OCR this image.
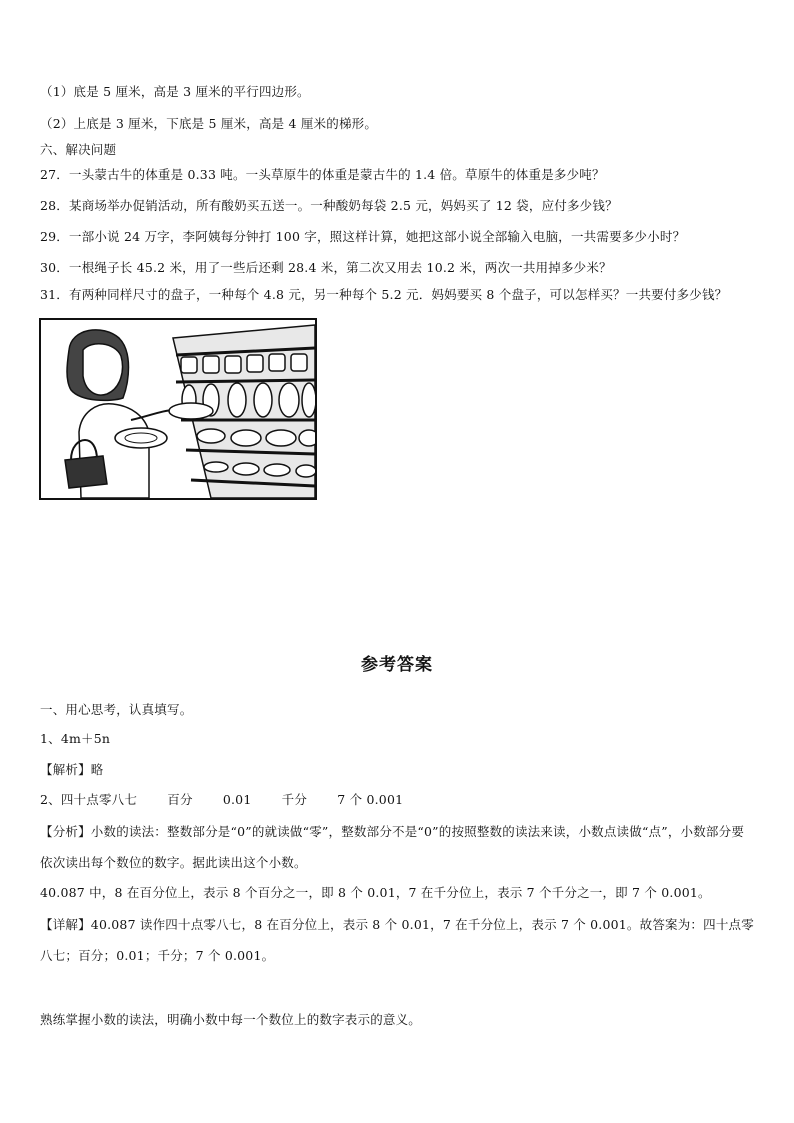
（1）底是 5 厘米，高是 3 厘米的平行四边形。
（2）上底是 3 厘米，下底是 5 厘米，高是 4 厘米的梯形。
六、解决问题
27．一头蒙古牛的体重是 0.33 吨。一头草原牛的体重是蒙古牛的 1.4 倍。草原牛的体重是多少吨？
28．某商场举办促销活动，所有酸奶买五送一。一种酸奶每袋 2.5 元，妈妈买了 12 袋，应付多少钱？
29．一部小说 24 万字，李阿姨每分钟打 100 字，照这样计算，她把这部小说全部输入电脑，一共需要多少小时？
30．一根绳子长 45.2 米，用了一些后还剩 28.4 米，第二次又用去 10.2 米，两次一共用掉多少米？
31．有两种同样尺寸的盘子，一种每个 4.8 元，另一种每个 5.2 元．妈妈要买 8 个盘子，可以怎样买？一共要付多少钱？
参考答案
一、用心思考，认真填写。
1、4m＋5n
【解析】略
2、四十点零八七 百分 0.01 千分 7 个 0.001
【分析】小数的读法：整数部分是“0”的就读做“零”，整数部分不是“0”的按照整数的读法来读，小数点读做“点”，小数部分要依次读出每个数位的数字。据此读出这个小数。
40.087 中，8 在百分位上，表示 8 个百分之一，即 8 个 0.01，7 在千分位上，表示 7 个千分之一，即 7 个 0.001。
【详解】40.087 读作四十点零八七，8 在百分位上，表示 8 个 0.01，7 在千分位上，表示 7 个 0.001。故答案为：四十点零八七；百分；0.01；千分；7 个 0.001。
熟练掌握小数的读法，明确小数中每一个数位上的数字表示的意义。
